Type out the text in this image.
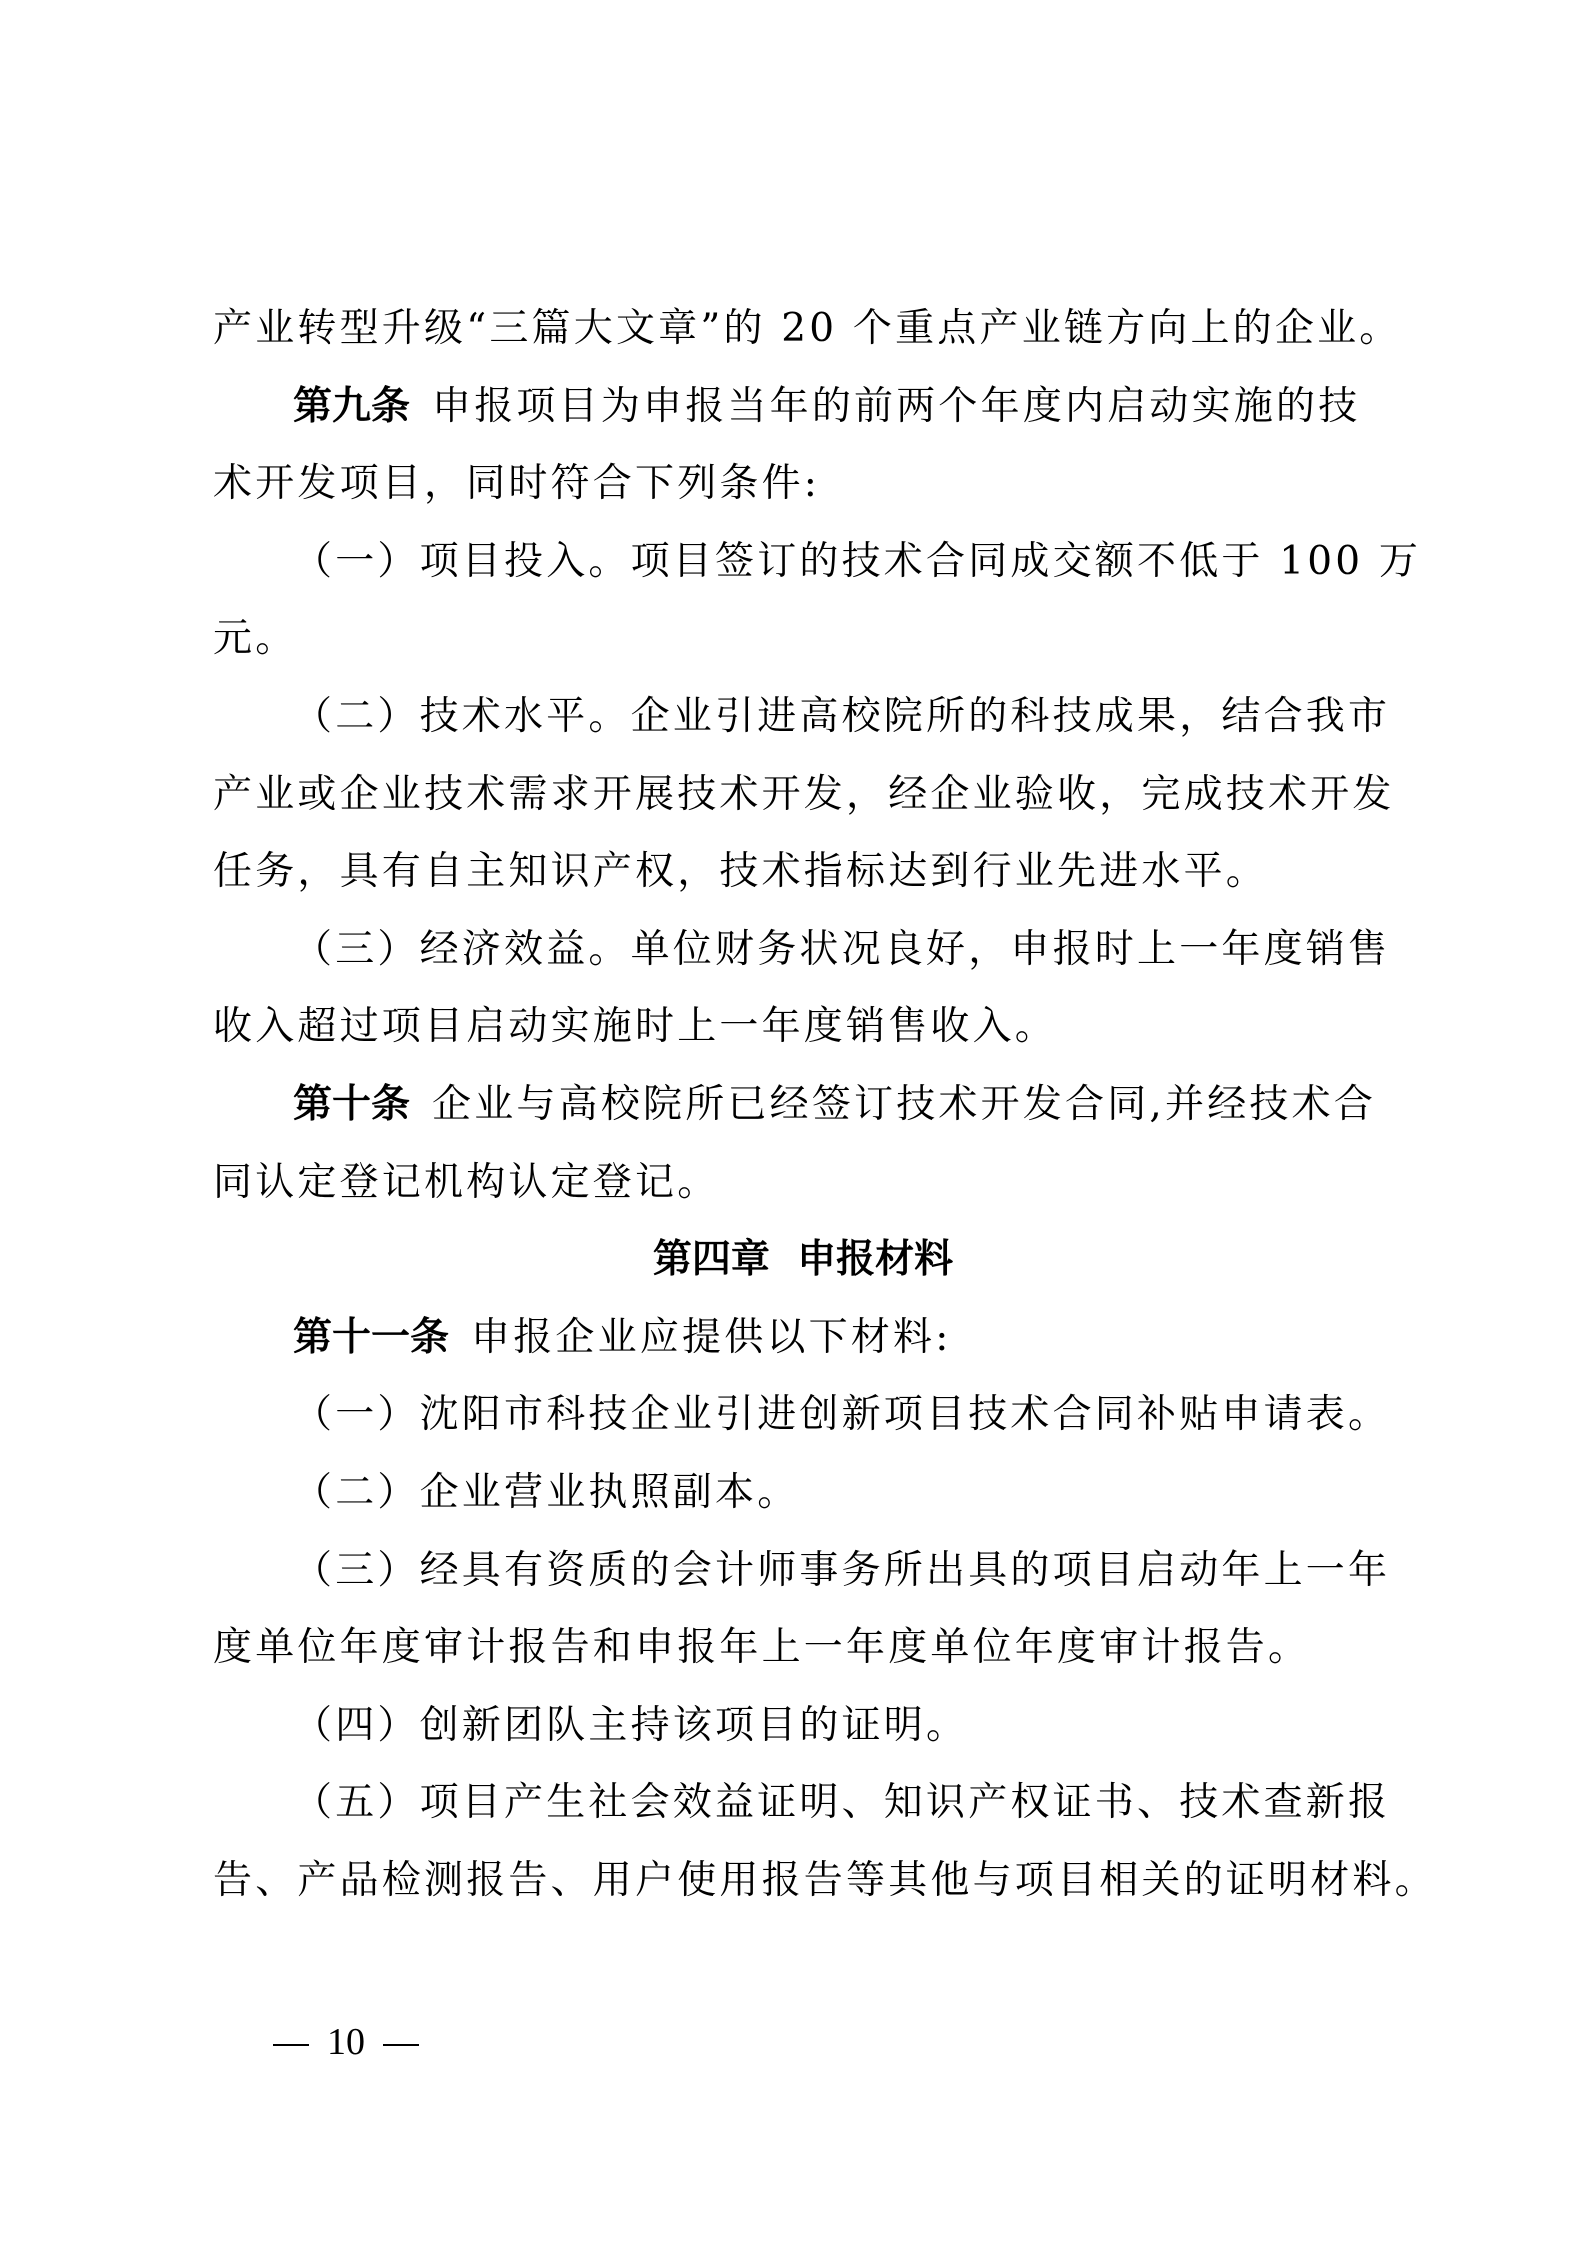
产业转型升级“三篇大文章”的 20 个重点产业链方向上的企业。
第九条 申报项目为申报当年的前两个年度内启动实施的技
术开发项目，同时符合下列条件:
（一）项目投入。项目签订的技术合同成交额不低于 100 万
元。
（二）技术水平。企业引进高校院所的科技成果，结合我市
产业或企业技术需求开展技术开发，经企业验收，完成技术开发
任务，具有自主知识产权，技术指标达到行业先进水平。
（三）经济效益。单位财务状况良好，申报时上一年度销售
收入超过项目启动实施时上一年度销售收入。
第十条 企业与高校院所已经签订技术开发合同,并经技术合
同认定登记机构认定登记。
第四章  申报材料
第十一条 申报企业应提供以下材料:
（一）沈阳市科技企业引进创新项目技术合同补贴申请表。
（二）企业营业执照副本。
（三）经具有资质的会计师事务所出具的项目启动年上一年
度单位年度审计报告和申报年上一年度单位年度审计报告。
（四）创新团队主持该项目的证明。
（五）项目产生社会效益证明、知识产权证书、技术查新报
告、产品检测报告、用户使用报告等其他与项目相关的证明材料。
10
